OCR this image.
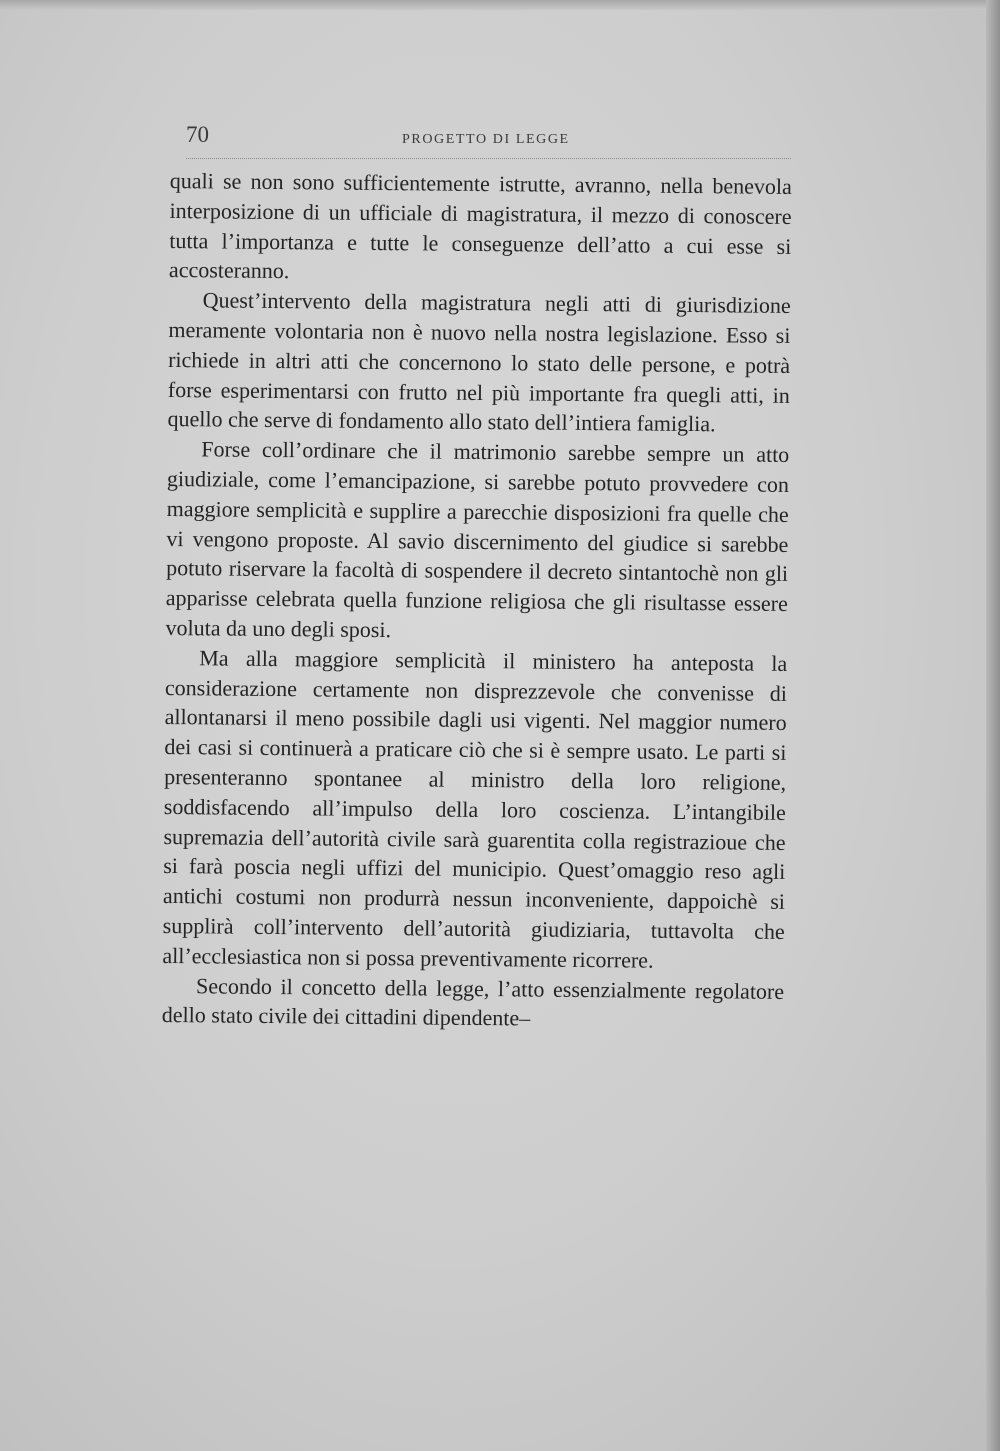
70	PROGETTO DI LEGGE

quali se non sono sufficientemente istrutte, avranno, nella benevola interposizione di un ufficiale di magistratura, il mezzo di conoscere tutta l’importanza e tutte le conseguenze dell’atto a cui esse si accosteranno.

Quest’intervento della magistratura negli atti di giurisdizione meramente volontaria non è nuovo nella nostra legislazione. Esso si richiede in altri atti che concernono lo stato delle persone, e potrà forse esperimentarsi con frutto nel più importante fra quegli atti, in quello che serve di fondamento allo stato dell’intiera famiglia.

Forse coll’ordinare che il matrimonio sarebbe sempre un atto giudiziale, come l’emancipazione, si sarebbe potuto provvedere con maggiore semplicità e supplire a parecchie disposizioni fra quelle che vi vengono proposte. Al savio discernimento del giudice si sarebbe potuto riservare la facoltà di sospendere il decreto sintantochè non gli apparisse celebrata quella funzione religiosa che gli risultasse essere voluta da uno degli sposi.

Ma alla maggiore semplicità il ministero ha anteposta la considerazione certamente non disprezzevole che convenisse di allontanarsi il meno possibile dagli usi vigenti. Nel maggior numero dei casi si continuerà a praticare ciò che si è sempre usato. Le parti si presenteranno spontanee al ministro della loro religione, soddisfacendo all’impulso della loro coscienza. L’intangibile supremazia dell’autorità civile sarà guarentita colla registrazioue che si farà poscia negli uffizi del municipio. Quest’omaggio reso agli antichi costumi non produrrà nessun inconveniente, dappoichè si supplirà coll’intervento dell’autorità giudiziaria, tuttavolta che all’ecclesiastica non si possa preventivamente ricorrere.

Secondo il concetto della legge, l’atto essenzialmente regolatore dello stato civile dei cittadini dipendente–
